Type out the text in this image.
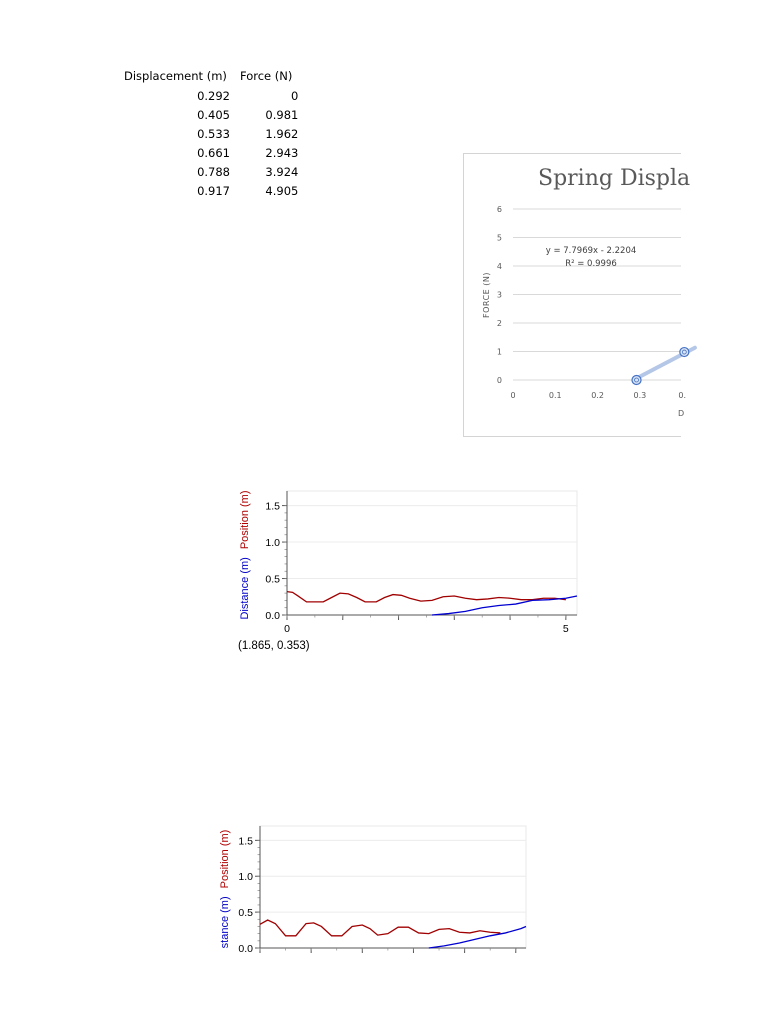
Displacement (m)	Force (N)
0.292	0
0.405	0.981
0.533	1.962
0.661	2.943
0.788	3.924
0.917	4.905
0
1
2
3
4
5
6
0	0.1	0.2	0.3	0.
FORCE (N)
D
y = 7.7969x - 2.2204
R² = 0.9996
Spring Displa
0.0
0.5
1.0
1.5
0	5
Distance (m)Position (m)
(1.865, 0.353)
0.0
0.5
1.0
1.5
stance (m)Position (m)
